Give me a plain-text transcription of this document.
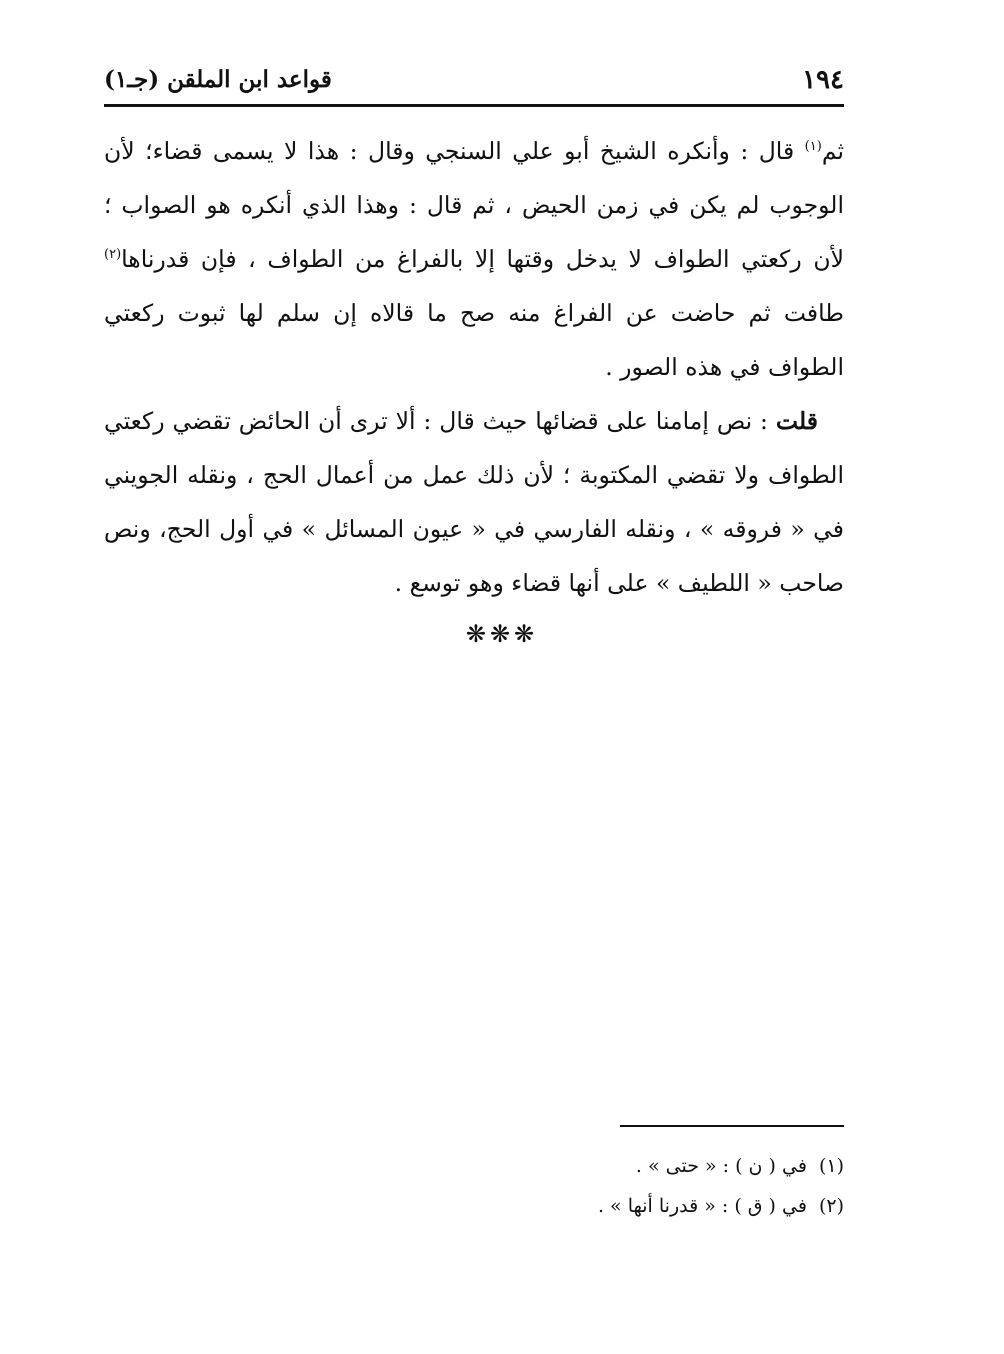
١٩٤
قواعد ابن الملقن (جـ١)

ثم$^{(١)}$ قال : وأنكره الشيخ أبو علي السنجي وقال : هذا لا يسمى قضاء؛ لأن الوجوب لم يكن في زمن الحيض ، ثم قال : وهذا الذي أنكره هو الصواب ؛ لأن ركعتي الطواف لا يدخل وقتها إلا بالفراغ من الطواف ، فإن قدرناها$^{(٢)}$ طافت ثم حاضت عن الفراغ منه صح ما قالاه إن سلم لها ثبوت ركعتي الطواف في هذه الصور .

قلت : نص إمامنا على قضائها حيث قال : ألا ترى أن الحائض تقضي ركعتي الطواف ولا تقضي المكتوبة ؛ لأن ذلك عمل من أعمال الحج ، ونقله الجويني في « فروقه » ، ونقله الفارسي في « عيون المسائل » في أول الحج، ونص صاحب « اللطيف » على أنها قضاء وهو توسع .

❋❋❋

(١)في ( ن ) : « حتى » .

(٢)في ( ق ) : « قدرنا أنها » .
